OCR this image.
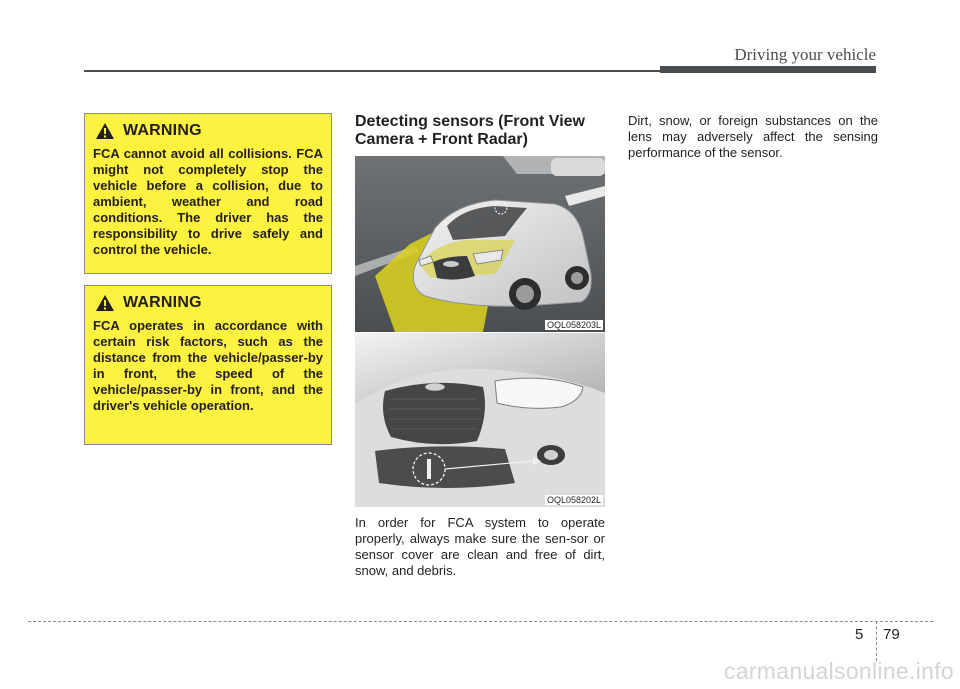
Driving your vehicle
WARNING

FCA cannot avoid all collisions. FCA might not completely stop the vehicle before a collision, due to ambient, weather and road conditions. The driver has the responsibility to drive safely and control the vehicle.

WARNING

FCA operates in accordance with certain risk factors, such as the distance from the vehicle/passer-by in front, the speed of the vehicle/passer-by in front, and the driver's vehicle operation.

Detecting sensors (Front View Camera + Front Radar)
OQL058203L
OQL058202L

In order for FCA system to operate properly, always make sure the sen-sor or sensor cover are clean and free of dirt, snow, and debris.

Dirt, snow, or foreign substances on the lens may adversely affect the sensing performance of the sensor.

5 79
carmanualsonline.info
